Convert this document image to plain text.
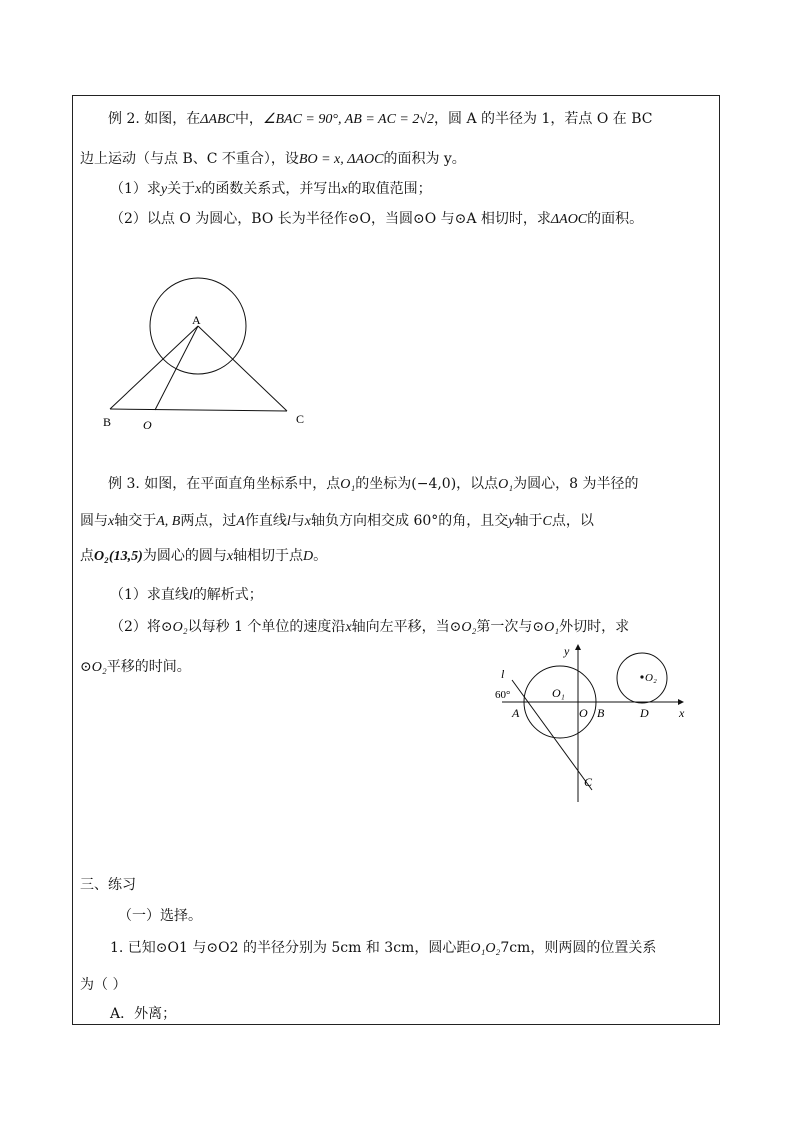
例 2. 如图，在ΔABC中，∠BAC = 90°, AB = AC = 2√2，圆 A 的半径为 1，若点 O 在 BC
边上运动（与点 B、C 不重合），设BO = x, ΔAOC的面积为 y。
（1）求y关于x的函数关系式，并写出x的取值范围；
（2）以点 O 为圆心，BO 长为半径作⊙O，当圆⊙O 与⊙A 相切时，求ΔAOC的面积。
A
B	C
O
例 3. 如图，在平面直角坐标系中，点O₁的坐标为(−4,0)，以点O₁为圆心，8 为半径的
圆与x轴交于A, B两点，过A作直线l与x轴负方向相交成 60°的角，且交y轴于C点，以
点O₂(13,5)为圆心的圆与x轴相切于点D。
（1）求直线l的解析式；
（2）将⊙O₂以每秒 1 个单位的速度沿x轴向左平移，当⊙O₂第一次与⊙O₁外切时，求
⊙O₂平移的时间。	l
y
x
60°	O₁
O₂
A	O B	D
C
三、练习
（一）选择。
1. 已知⊙O1 与⊙O2 的半径分别为 5cm 和 3cm，圆心距O₁O₂7cm，则两圆的位置关系
为（ ）
A．外离；
